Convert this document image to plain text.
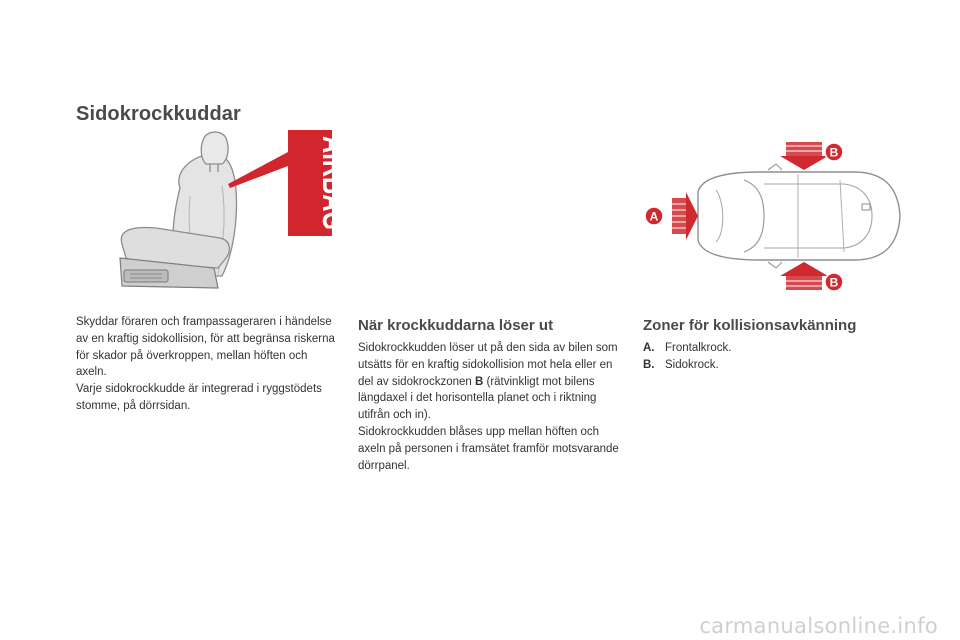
Sidokrockkuddar
AIRBAG	A
B
B

Skyddar föraren och frampassageraren i händelse av en kraftig sidokollision, för att begränsa riskerna för skador på överkroppen, mellan höften och axeln.

Varje sidokrockkudde är integrerad i ryggstödets stomme, på dörrsidan.

När krockkuddarna löser ut

Sidokrockkudden löser ut på den sida av bilen som utsätts för en kraftig sidokollision mot hela eller en del av sidokrockzonen B (rätvinkligt mot bilens längdaxel i det horisontella planet och i riktning utifrån och in).

Sidokrockkudden blåses upp mellan höften och axeln på personen i framsätet framför motsvarande dörrpanel.

Zoner för kollisionsavkänning
A. Frontalkrock.
B. Sidokrock.
carmanualsonline.info
